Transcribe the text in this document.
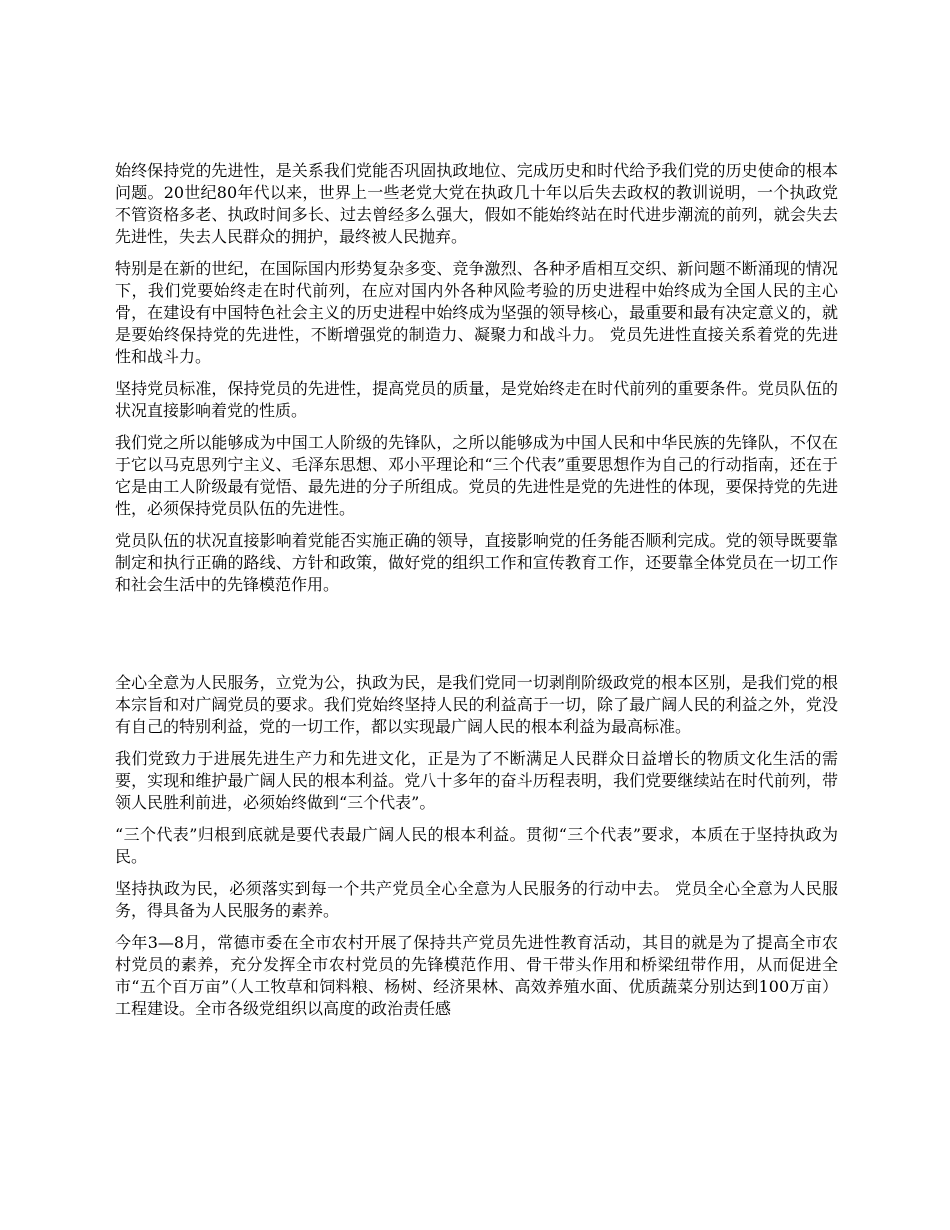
始终保持党的先进性，是关系我们党能否巩固执政地位、完成历史和时代给予我们党的历史使命的根本问题。20世纪80年代以来，世界上一些老党大党在执政几十年以后失去政权的教训说明，一个执政党不管资格多老、执政时间多长、过去曾经多么强大，假如不能始终站在时代进步潮流的前列，就会失去先进性，失去人民群众的拥护，最终被人民抛弃。

特别是在新的世纪，在国际国内形势复杂多变、竞争激烈、各种矛盾相互交织、新问题不断涌现的情况下，我们党要始终走在时代前列，在应对国内外各种风险考验的历史进程中始终成为全国人民的主心骨，在建设有中国特色社会主义的历史进程中始终成为坚强的领导核心，最重要和最有决定意义的，就是要始终保持党的先进性，不断增强党的制造力、凝聚力和战斗力。 党员先进性直接关系着党的先进性和战斗力。

坚持党员标准，保持党员的先进性，提高党员的质量，是党始终走在时代前列的重要条件。党员队伍的状况直接影响着党的性质。

我们党之所以能够成为中国工人阶级的先锋队，之所以能够成为中国人民和中华民族的先锋队，不仅在于它以马克思列宁主义、毛泽东思想、邓小平理论和“三个代表”重要思想作为自己的行动指南，还在于它是由工人阶级最有觉悟、最先进的分子所组成。党员的先进性是党的先进性的体现，要保持党的先进性，必须保持党员队伍的先进性。

党员队伍的状况直接影响着党能否实施正确的领导，直接影响党的任务能否顺利完成。党的领导既要靠制定和执行正确的路线、方针和政策，做好党的组织工作和宣传教育工作，还要靠全体党员在一切工作和社会生活中的先锋模范作用。

全心全意为人民服务，立党为公，执政为民，是我们党同一切剥削阶级政党的根本区别，是我们党的根本宗旨和对广阔党员的要求。我们党始终坚持人民的利益高于一切，除了最广阔人民的利益之外，党没有自己的特别利益，党的一切工作，都以实现最广阔人民的根本利益为最高标准。

我们党致力于进展先进生产力和先进文化，正是为了不断满足人民群众日益增长的物质文化生活的需要，实现和维护最广阔人民的根本利益。党八十多年的奋斗历程表明，我们党要继续站在时代前列，带领人民胜利前进，必须始终做到“三个代表”。

“三个代表”归根到底就是要代表最广阔人民的根本利益。贯彻“三个代表”要求，本质在于坚持执政为民。

坚持执政为民，必须落实到每一个共产党员全心全意为人民服务的行动中去。 党员全心全意为人民服务，得具备为人民服务的素养。

今年3—8月，常德市委在全市农村开展了保持共产党员先进性教育活动，其目的就是为了提高全市农村党员的素养，充分发挥全市农村党员的先锋模范作用、骨干带头作用和桥梁纽带作用，从而促进全市“五个百万亩”（人工牧草和饲料粮、杨树、经济果林、高效养殖水面、优质蔬菜分别达到100万亩）工程建设。全市各级党组织以高度的政治责任感
